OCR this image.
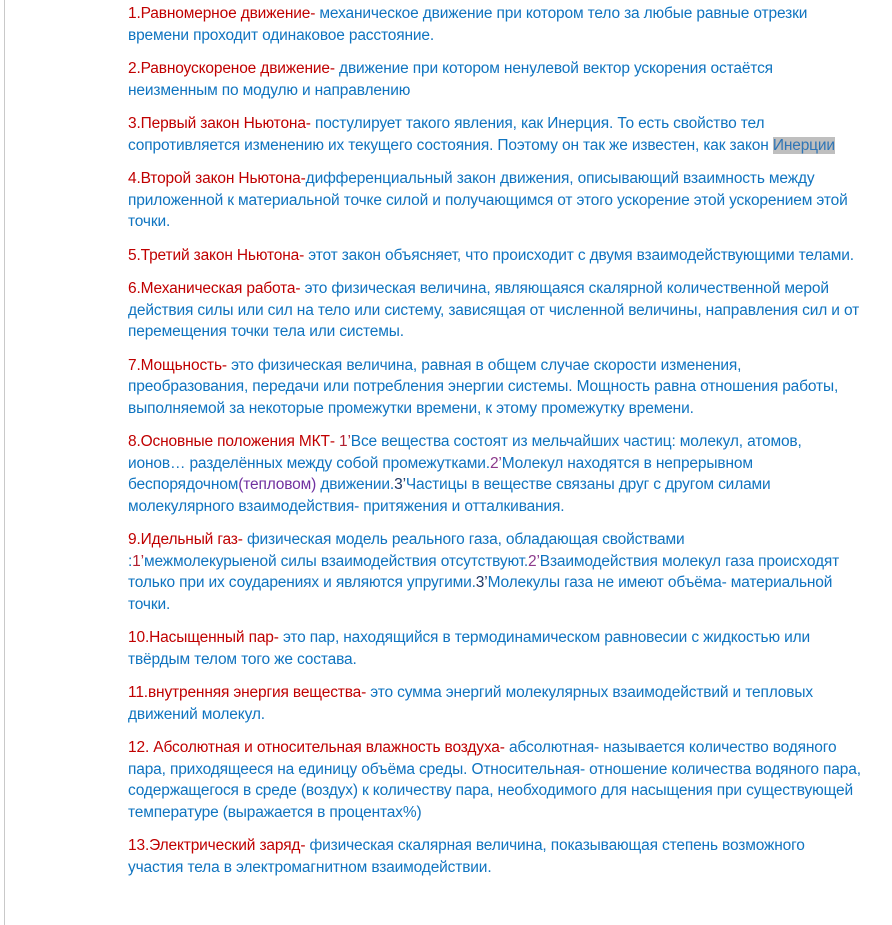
1.Равномерное движение- механическое движение при котором тело за любые равные отрезки времени проходит одинаковое расстояние.

2.Равноускореное движение- движение при котором ненулевой вектор ускорения остаётся неизменным по модулю и направлению

3.Первый закон Ньютона- постулирует такого явления, как Инерция. То есть свойство тел сопротивляется изменению их текущего состояния. Поэтому он так же известен, как закон Инерции

4.Второй закон Ньютона-дифференциальный закон движения, описывающий взаимность между приложенной к материальной точке силой и получающимся от этого ускорение этой ускорением этой точки.

5.Третий закон Ньютона- этот закон объясняет, что происходит с двумя взаимодействующими телами.

6.Механическая работа- это физическая величина, являющаяся скалярной количественной мерой действия силы или сил на тело или систему, зависящая от численной величины, направления сил и от перемещения точки тела или системы.

7.Мощьность- это физическая величина, равная в общем случае скорости изменения, преобразования, передачи или потребления энергии системы. Мощность равна отношения работы, выполняемой за некоторые промежутки времени, к этому промежутку времени.

8.Основные положения МКТ- 1’Все вещества состоят из мельчайших частиц: молекул, атомов, ионов… разделённых между собой промежутками.2’Молекул находятся в непрерывном беспорядочном(тепловом) движении.3’Частицы в веществе связаны друг с другом силами молекулярного взаимодействия- притяжения и отталкивания.

9.Идельный газ- физическая модель реального газа, обладающая свойствами
:1’межмолекурыеной силы взаимодействия отсутствуют.2’Взаимодействия молекул газа происходят только при их соударениях и являются упругими.3’Молекулы газа не имеют объёма- материальной точки.

10.Насыщенный пар- это пар, находящийся в термодинамическом равновесии с жидкостью или твёрдым телом того же состава.

11.внутренняя энергия вещества- это сумма энергий молекулярных взаимодействий и тепловых движений молекул.

12. Абсолютная и относительная влажность воздуха- абсолютная- называется количество водяного пара, приходящееся на единицу объёма среды. Относительная- отношение количества водяного пара, содержащегося в среде (воздух) к количеству пара, необходимого для насыщения при существующей температуре (выражается в процентах%)

13.Электрический заряд- физическая скалярная величина, показывающая степень возможного участия тела в электромагнитном взаимодействии.
